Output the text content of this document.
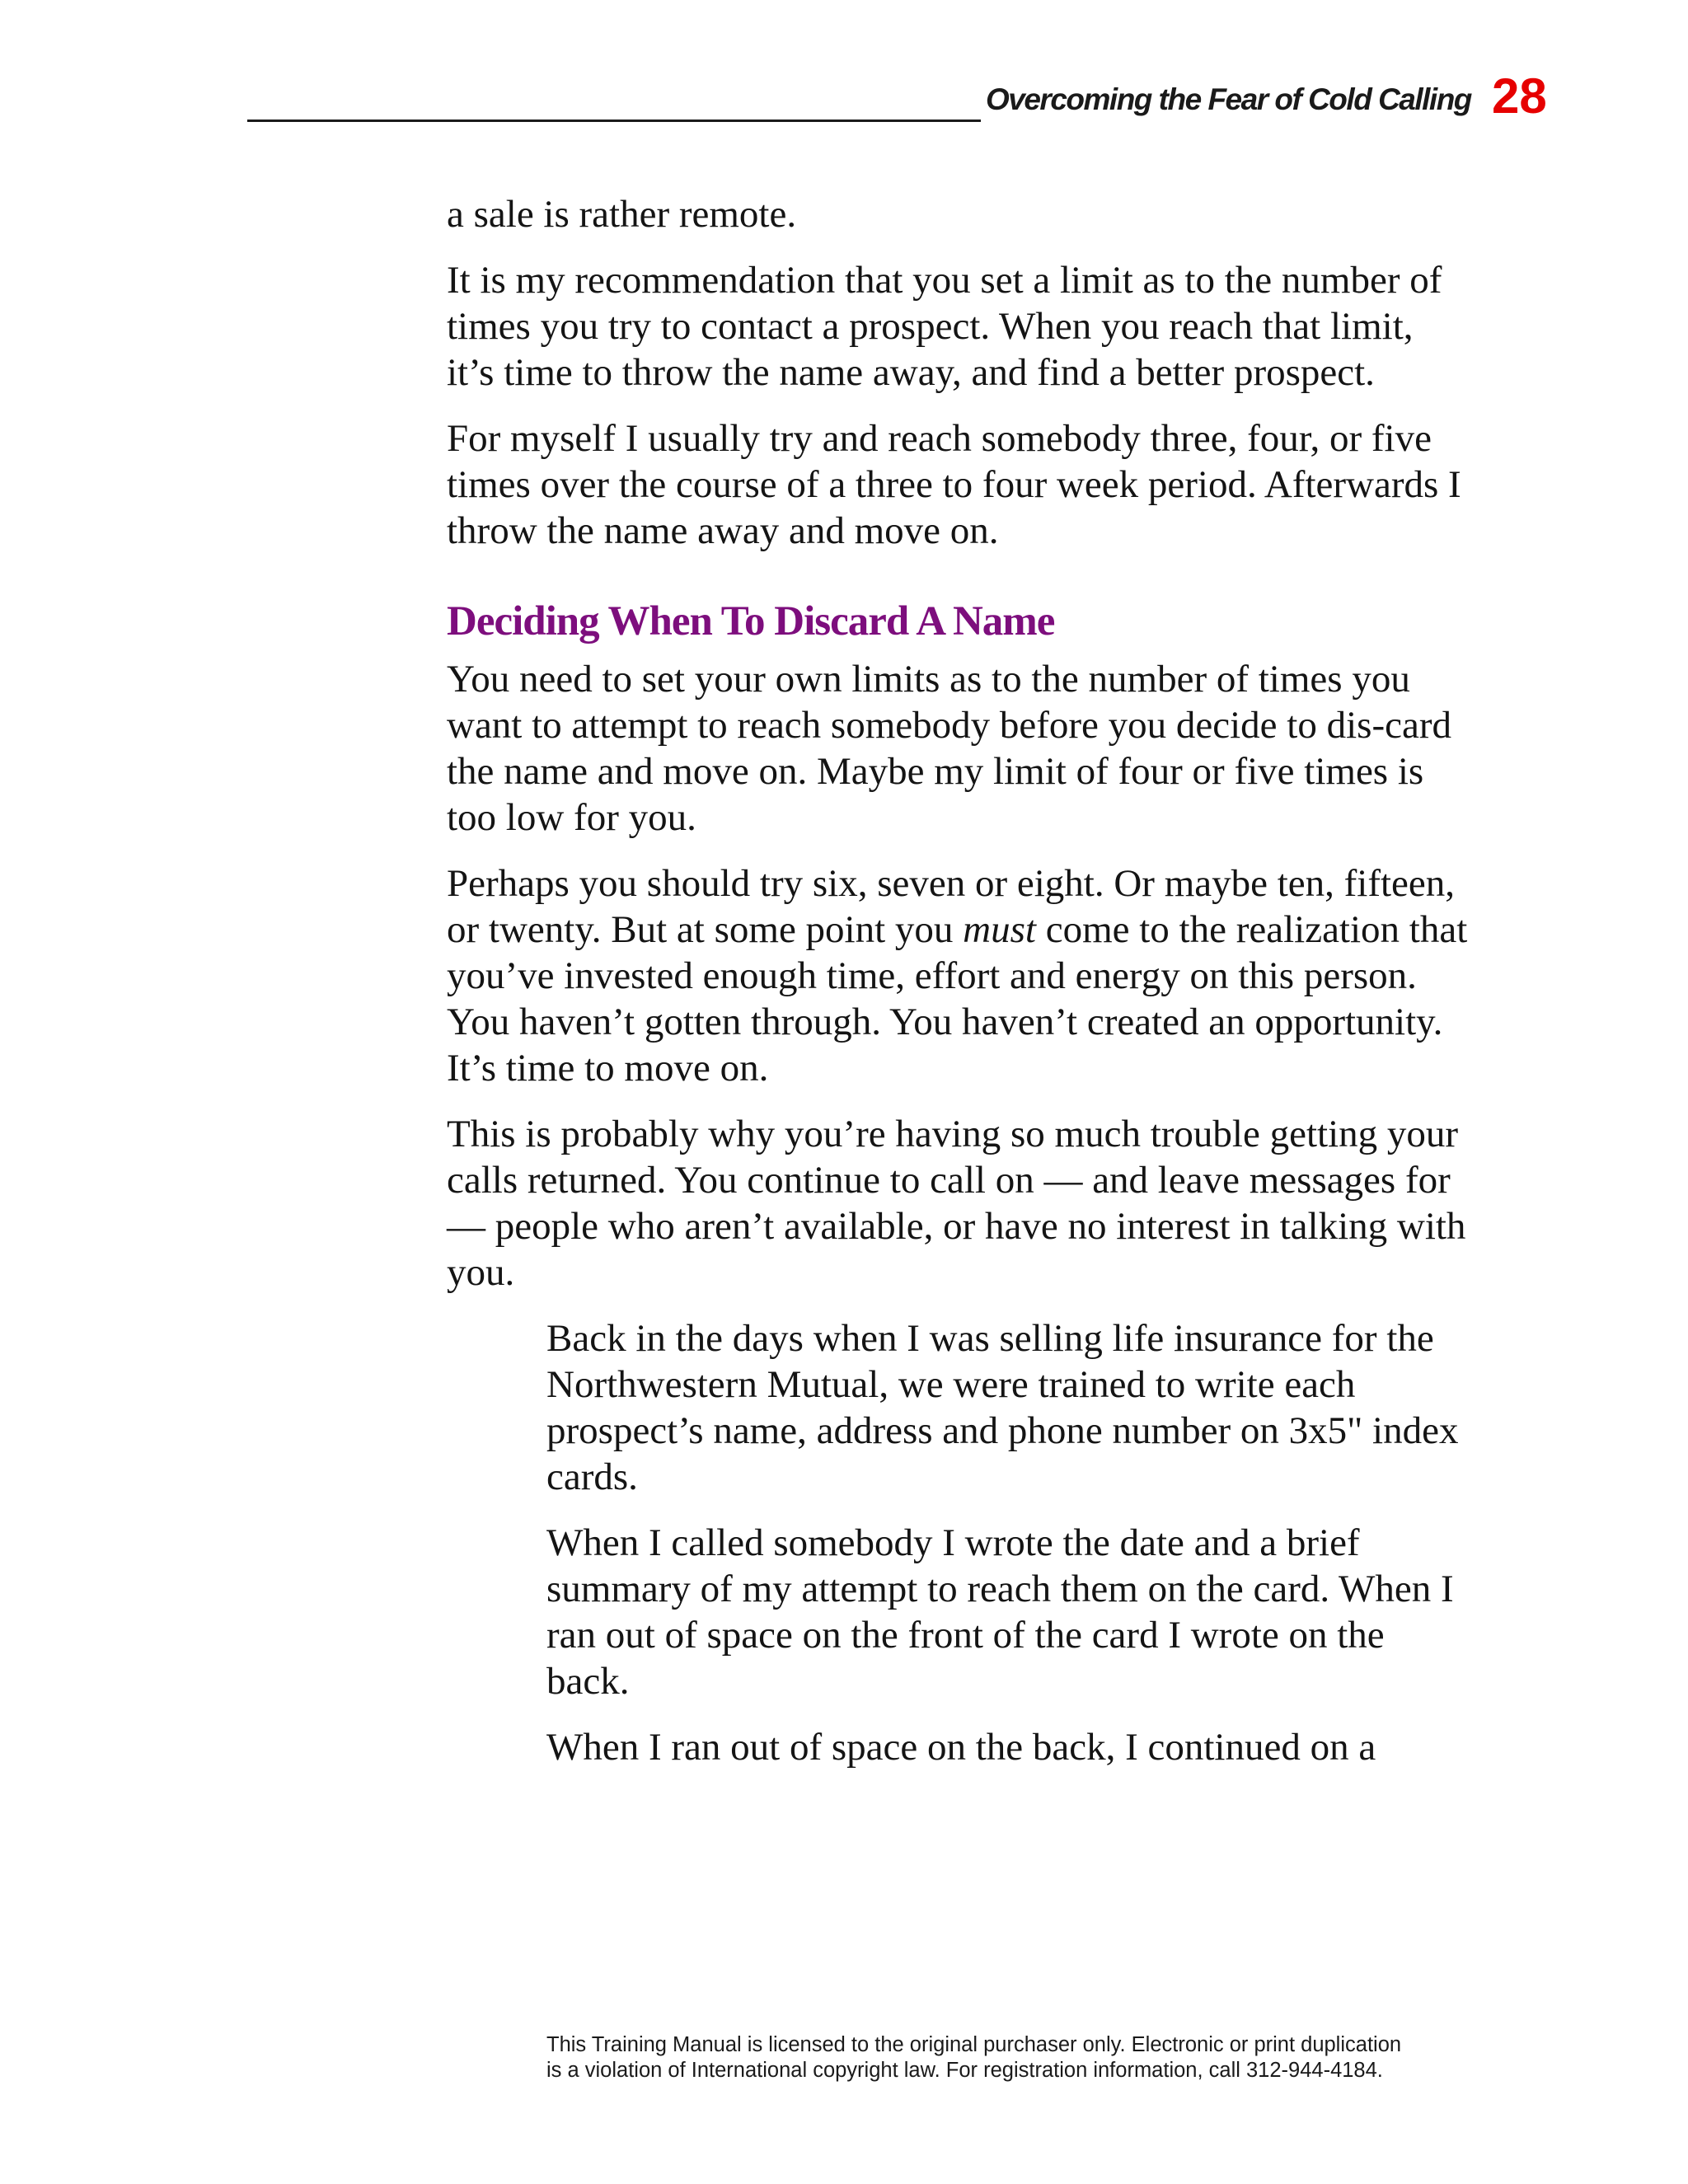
Overcoming the Fear of Cold Calling 28

a sale is rather remote.

It is my recommendation that you set a limit as to the number of times you try to contact a prospect. When you reach that limit, it’s time to throw the name away, and find a better prospect.

For myself I usually try and reach somebody three, four, or five times over the course of a three to four week period. Afterwards I throw the name away and move on.

Deciding When To Discard A Name

You need to set your own limits as to the number of times you want to attempt to reach somebody before you decide to dis-card the name and move on. Maybe my limit of four or five times is too low for you.

Perhaps you should try six, seven or eight. Or maybe ten, fifteen, or twenty. But at some point you must come to the realization that you’ve invested enough time, effort and energy on this person. You haven’t gotten through. You haven’t created an opportunity. It’s time to move on.

This is probably why you’re having so much trouble getting your calls returned. You continue to call on — and leave messages for — people who aren’t available, or have no interest in talking with you.

Back in the days when I was selling life insurance for the Northwestern Mutual, we were trained to write each prospect’s name, address and phone number on 3x5" index cards.

When I called somebody I wrote the date and a brief summary of my attempt to reach them on the card. When I ran out of space on the front of the card I wrote on the back.

When I ran out of space on the back, I continued on a

This Training Manual is licensed to the original purchaser only. Electronic or print duplication

is a violation of International copyright law. For registration information, call 312-944-4184.
